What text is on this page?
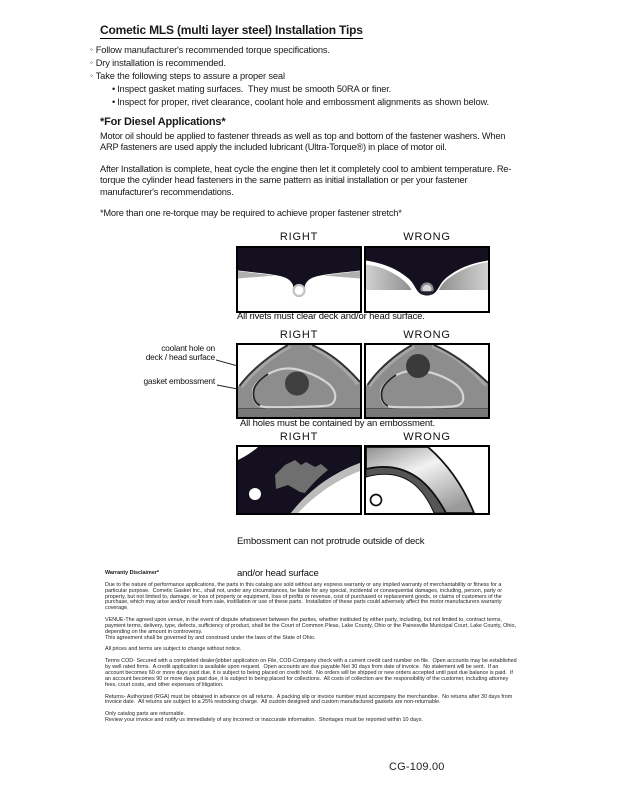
Cometic MLS (multi layer steel) Installation Tips
◦ Follow manufacturer's recommended torque specifications.
◦ Dry installation is recommended.
◦ Take the following steps to assure a proper seal
• Inspect gasket mating surfaces.  They must be smooth 50RA or finer.
• Inspect for proper, rivet clearance, coolant hole and embossment alignments as shown below.
*For Diesel Applications*

Motor oil should be applied to fastener threads as well as top and bottom of the fastener washers. When ARP fasteners are used apply the included lubricant (Ultra-Torque®) in place of motor oil.

After Installation is complete, heat cycle the engine then let it completely cool to ambient temperature. Re-torque the cylinder head fasteners in the same pattern as initial installation or per your fastener manufacturer's recommendations.

*More than one re-torque may be required to achieve proper fastener stretch*

RIGHT	WRONG
All rivets must clear deck and/or head surface.
RIGHT	WRONG
coolant hole on
deck / head surface
gasket embossment
All holes must be contained by an embossment.
RIGHT	WRONG

Embossment can not protrude outside of deck

and/or head surface

Warranty Disclaimer*
Due to the nature of performance applications, the parts in this catalog are sold without any express warranty or any implied warranty of merchantability or fitness for a particular purpose.  Cometic Gasket Inc., shall not, under any circumstances, be liable for any special, incidental or consequential damages, including, person, party or property, but not limited to, damage, or loss of property or equipment, loss of profits or revenue, cost of purchased or replacement goods, or claims of customers of the purchase, which may arise and/or result from sale, instillation or use of these parts.  Installation of these parts could adversely affect the motor manufacturers warranty coverage.
VENUE-The agreed upon venue, in the event of dispute whatsoever between the parties, whether instituted by either party, including, but not limited to, contract terms, payment terms, delivery, type, defects, sufficiency of product, shall be the Court of Common Pleas, Lake County, Ohio or the Painesville Municipal Court, Lake County, Ohio, depending on the amount in controversy.
This agreement shall be governed by and construed under the laws of the State of Ohio.
All prices and terms are subject to change without notice.
Terms COD- Secured with a completed dealer/jobber application on File, COD-Company check with a current credit card number on file.  Open accounts may be established by well rated firms.  A credit application is available upon request.  Open accounts are due payable Net 30 days from date of invoice.  No statement will be sent.  If an account becomes 60 or more days past due, it is subject to being placed on credit hold.  No orders will be shipped or new orders accepted until past due balance is paid.  If an account becomes 90 or more days past due, it is subject to being placed for collections.  All costs of collection are the responsibility of the customer, including attorney fees, court costs, and other expenses of litigation.
Returns- Authorized (RGA) must be obtained in advance on all returns.  A packing slip or invoice number must accompany the merchandise.  No returns after 30 days from invoice date.  All returns are subject to a 25% restocking charge.  All custom designed and custom manufactured gaskets are non-returnable.
Only catalog parts are returnable.
Review your invoice and notify us immediately of any incorrect or inaccurate information.  Shortages must be reported within 10 days.
CG-109.00
